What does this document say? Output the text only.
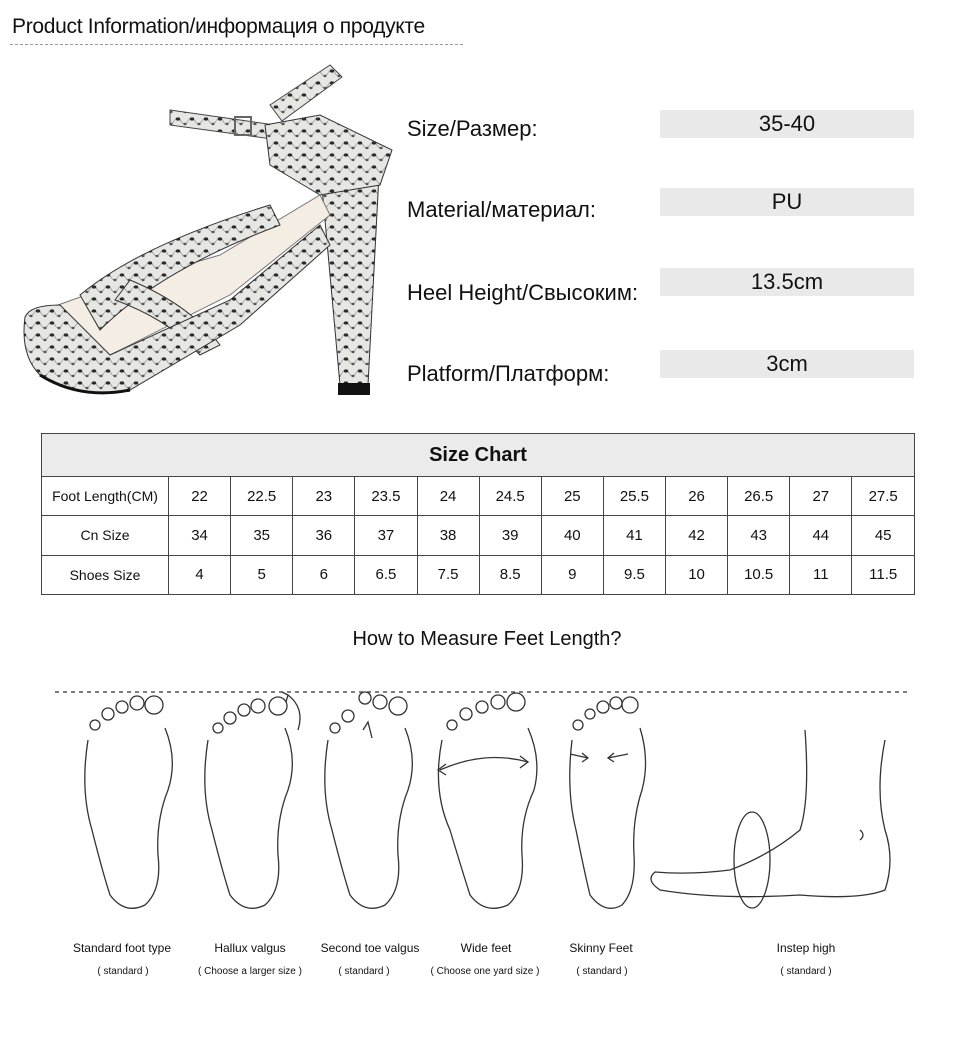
Product Information/информация о продукте
Size/Размер:	35-40
Material/материал:	PU
Heel Height/Свысоким:	13.5cm
Platform/Платформ:	3cm
Size Chart
Foot Length(CM)	22	22.5	23	23.5	24	24.5	25	25.5	26	26.5	27	27.5
Cn Size	34	35	36	37	38	39	40	41	42	43	44	45
Shoes Size	4	5	6	6.5	7.5	8.5	9	9.5	10	10.5	11	11.5
How to Measure Feet Length?
Standard foot type
( standard )
Hallux valgus
( Choose a larger size )
Second toe valgus
( standard )
Wide feet
( Choose one yard size )
Skinny Feet
( standard )
Instep high
( standard )
